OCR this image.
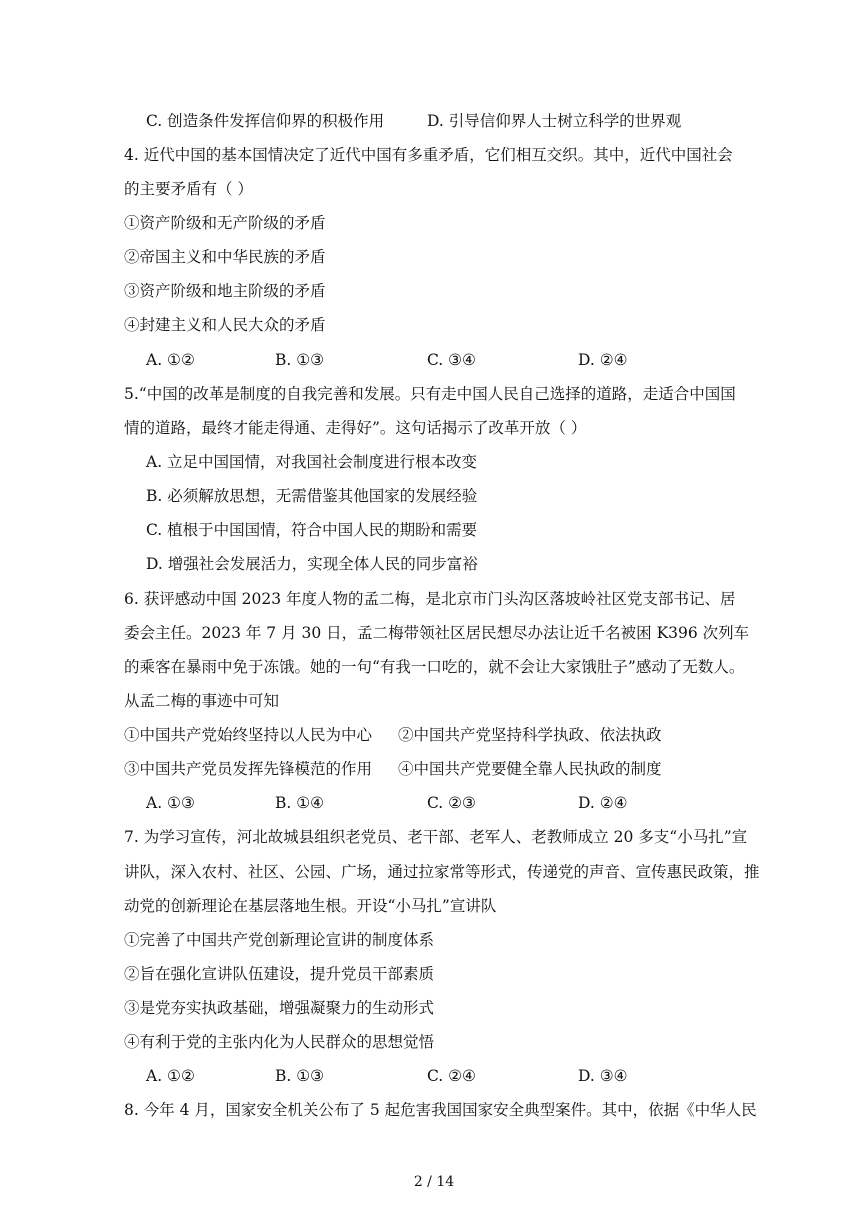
C. 创造条件发挥信仰界的积极作用	D. 引导信仰界人士树立科学的世界观
4. 近代中国的基本国情决定了近代中国有多重矛盾，它们相互交织。其中，近代中国社会
的主要矛盾有（ ）
①资产阶级和无产阶级的矛盾
②帝国主义和中华民族的矛盾
③资产阶级和地主阶级的矛盾
④封建主义和人民大众的矛盾
A. ①②	B. ①③	C. ③④	D. ②④
5.“中国的改革是制度的自我完善和发展。只有走中国人民自己选择的道路，走适合中国国
情的道路，最终才能走得通、走得好”。这句话揭示了改革开放（ ）
A. 立足中国国情，对我国社会制度进行根本改变
B. 必须解放思想，无需借鉴其他国家的发展经验
C. 植根于中国国情，符合中国人民的期盼和需要
D. 增强社会发展活力，实现全体人民的同步富裕
6. 获评感动中国 2023 年度人物的孟二梅，是北京市门头沟区落坡岭社区党支部书记、居
委会主任。2023 年 7 月 30 日，孟二梅带领社区居民想尽办法让近千名被困 K396 次列车
的乘客在暴雨中免于冻饿。她的一句“有我一口吃的，就不会让大家饿肚子”感动了无数人。
从孟二梅的事迹中可知
①中国共产党始终坚持以人民为中心 ②中国共产党坚持科学执政、依法执政
③中国共产党员发挥先锋模范的作用 ④中国共产党要健全靠人民执政的制度
A. ①③	B. ①④	C. ②③	D. ②④
7. 为学习宣传，河北故城县组织老党员、老干部、老军人、老教师成立 20 多支“小马扎”宣
讲队，深入农村、社区、公园、广场，通过拉家常等形式，传递党的声音、宣传惠民政策，推
动党的创新理论在基层落地生根。开设“小马扎”宣讲队
①完善了中国共产党创新理论宣讲的制度体系
②旨在强化宣讲队伍建设，提升党员干部素质
③是党夯实执政基础，增强凝聚力的生动形式
④有利于党的主张内化为人民群众的思想觉悟
A. ①②	B. ①③	C. ②④	D. ③④
8. 今年 4 月，国家安全机关公布了 5 起危害我国国家安全典型案件。其中，依据《中华人民
2 / 14
